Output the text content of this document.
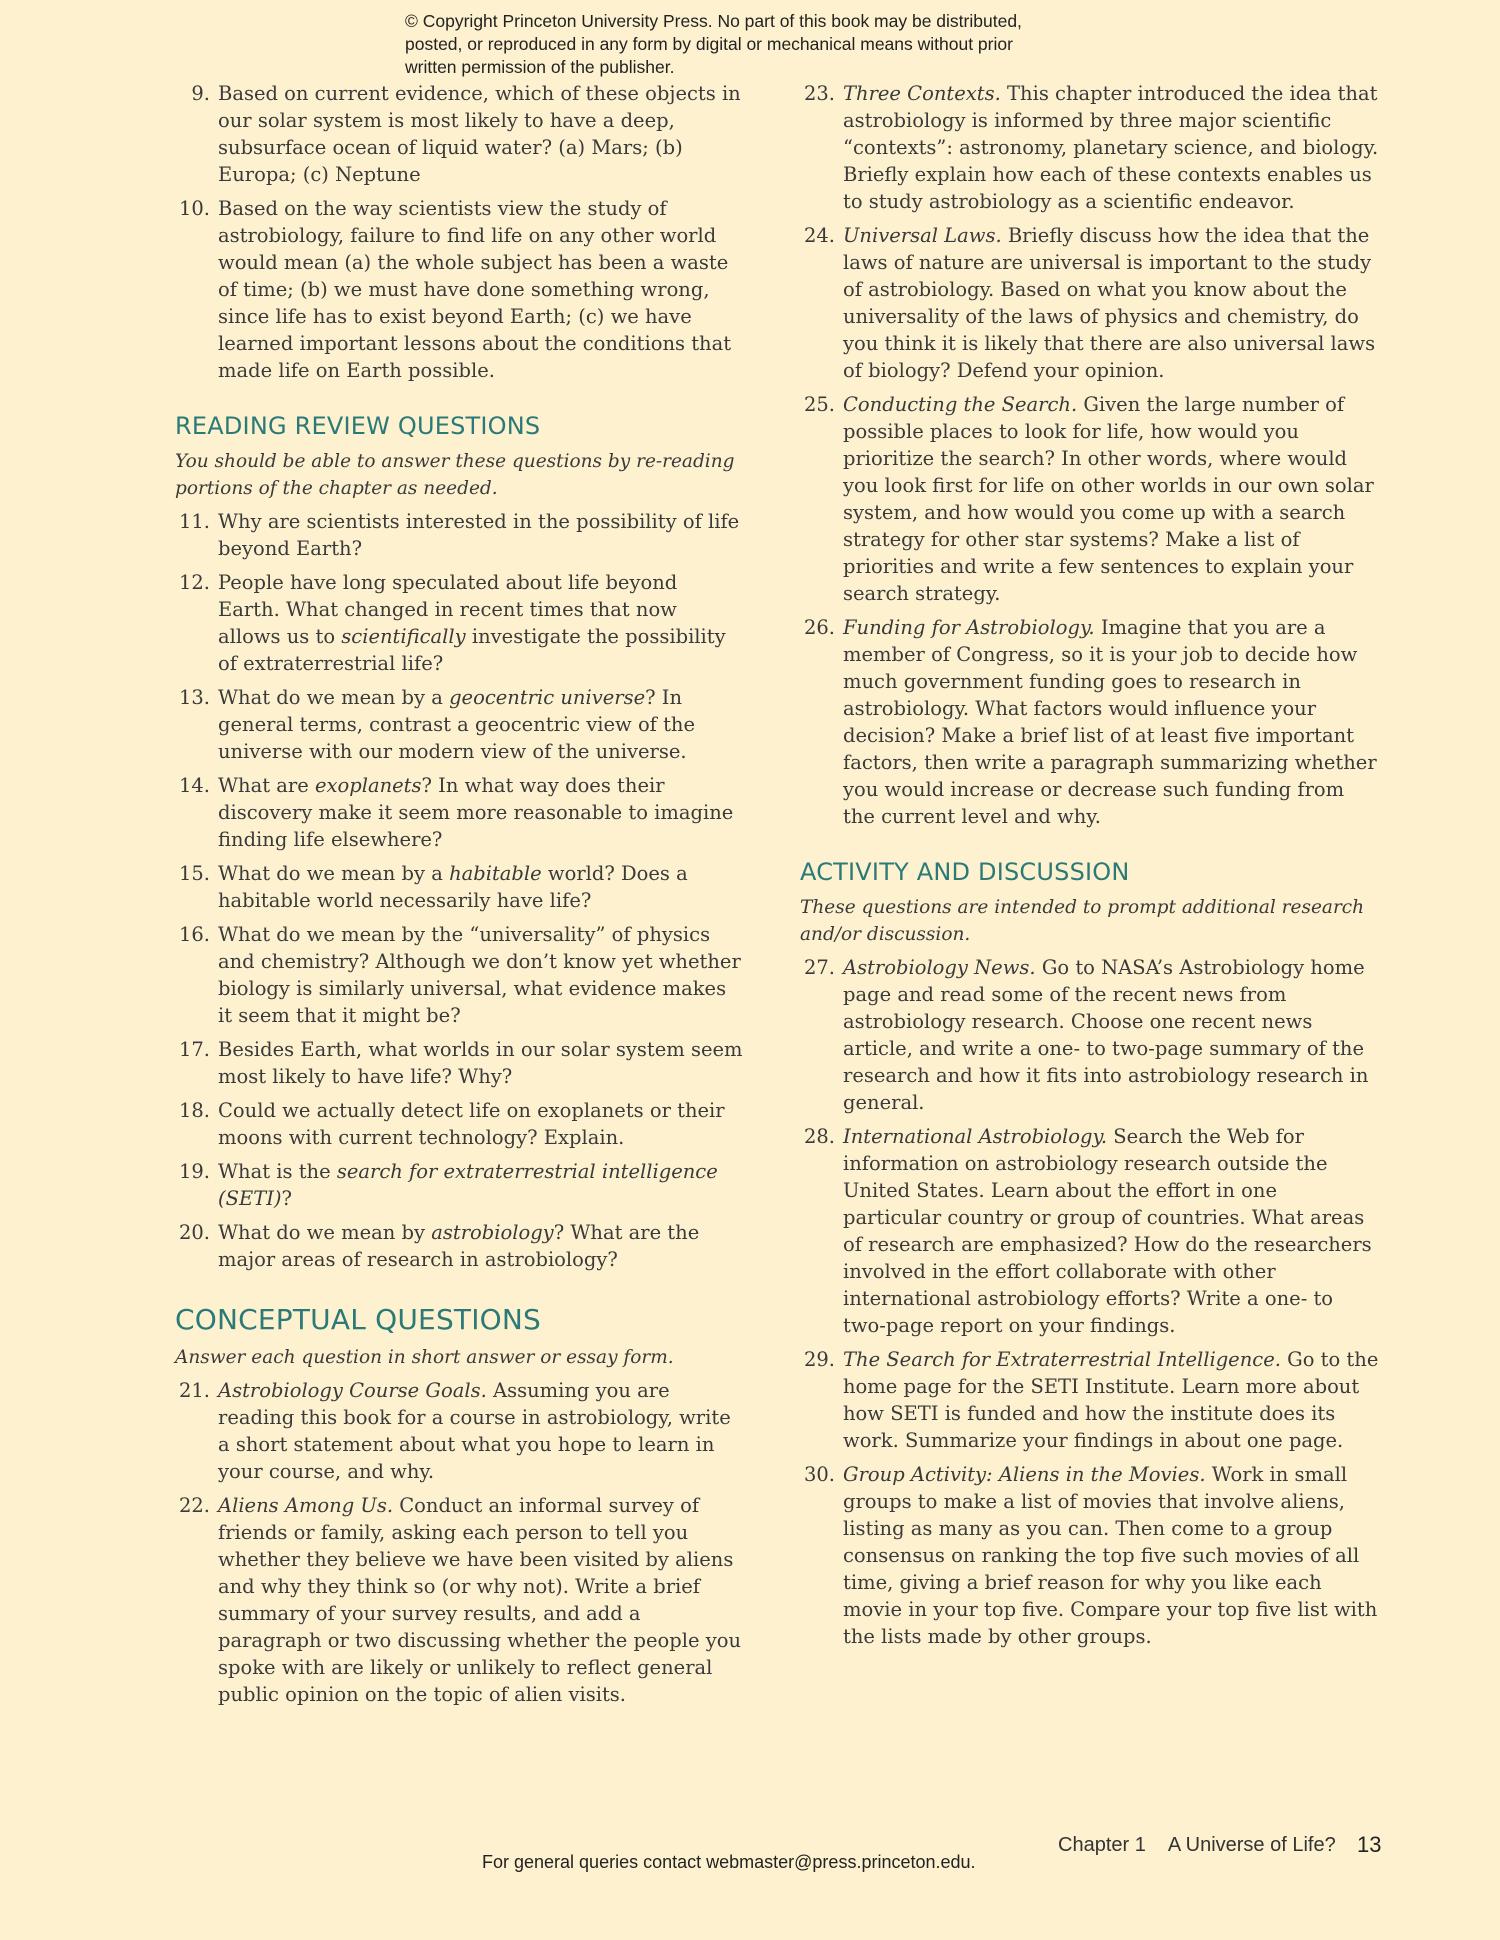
© Copyright Princeton University Press. No part of this book may be distributed, posted, or reproduced in any form by digital or mechanical means without prior written permission of the publisher.

9. Based on current evidence, which of these objects in our solar system is most likely to have a deep, subsurface ocean of liquid water? (a) Mars; (b) Europa; (c) Neptune

10. Based on the way scientists view the study of astrobiology, failure to find life on any other world would mean (a) the whole subject has been a waste of time; (b) we must have done something wrong, since life has to exist beyond Earth; (c) we have learned important lessons about the conditions that made life on Earth possible.

READING REVIEW QUESTIONS
You should be able to answer these questions by re-reading portions of the chapter as needed.

11. Why are scientists interested in the possibility of life beyond Earth?

12. People have long speculated about life beyond Earth. What changed in recent times that now allows us to scientifically investigate the possibility of extraterrestrial life?

13. What do we mean by a geocentric universe? In general terms, contrast a geocentric view of the universe with our modern view of the universe.

14. What are exoplanets? In what way does their discovery make it seem more reasonable to imagine finding life elsewhere?

15. What do we mean by a habitable world? Does a habitable world necessarily have life?

16. What do we mean by the “universality” of physics and chemistry? Although we don’t know yet whether biology is similarly universal, what evidence makes it seem that it might be?

17. Besides Earth, what worlds in our solar system seem most likely to have life? Why?

18. Could we actually detect life on exoplanets or their moons with current technology? Explain.

19. What is the search for extraterrestrial intelligence (SETI)?

20. What do we mean by astrobiology? What are the major areas of research in astrobiology?

CONCEPTUAL QUESTIONS
Answer each question in short answer or essay form.

21. Astrobiology Course Goals. Assuming you are reading this book for a course in astrobiology, write a short statement about what you hope to learn in your course, and why.

22. Aliens Among Us. Conduct an informal survey of friends or family, asking each person to tell you whether they believe we have been visited by aliens and why they think so (or why not). Write a brief summary of your survey results, and add a paragraph or two discussing whether the people you spoke with are likely or unlikely to reflect general public opinion on the topic of alien visits.

23. Three Contexts. This chapter introduced the idea that astrobiology is informed by three major scientific “contexts”: astronomy, planetary science, and biology. Briefly explain how each of these contexts enables us to study astrobiology as a scientific endeavor.

24. Universal Laws. Briefly discuss how the idea that the laws of nature are universal is important to the study of astrobiology. Based on what you know about the universality of the laws of physics and chemistry, do you think it is likely that there are also universal laws of biology? Defend your opinion.

25. Conducting the Search. Given the large number of possible places to look for life, how would you prioritize the search? In other words, where would you look first for life on other worlds in our own solar system, and how would you come up with a search strategy for other star systems? Make a list of priorities and write a few sentences to explain your search strategy.

26. Funding for Astrobiology. Imagine that you are a member of Congress, so it is your job to decide how much government funding goes to research in astrobiology. What factors would influence your decision? Make a brief list of at least five important factors, then write a paragraph summarizing whether you would increase or decrease such funding from the current level and why.

ACTIVITY AND DISCUSSION
These questions are intended to prompt additional research and/or discussion.

27. Astrobiology News. Go to NASA’s Astrobiology home page and read some of the recent news from astrobiology research. Choose one recent news article, and write a one- to two-page summary of the research and how it fits into astrobiology research in general.

28. International Astrobiology. Search the Web for information on astrobiology research outside the United States. Learn about the effort in one particular country or group of countries. What areas of research are emphasized? How do the researchers involved in the effort collaborate with other international astrobiology efforts? Write a one- to two-page report on your findings.

29. The Search for Extraterrestrial Intelligence. Go to the home page for the SETI Institute. Learn more about how SETI is funded and how the institute does its work. Summarize your findings in about one page.

30. Group Activity: Aliens in the Movies. Work in small groups to make a list of movies that involve aliens, listing as many as you can. Then come to a group consensus on ranking the top five such movies of all time, giving a brief reason for why you like each movie in your top five. Compare your top five list with the lists made by other groups.

For general queries contact webmaster@press.princeton.edu.
Chapter 1 A Universe of Life? 13
